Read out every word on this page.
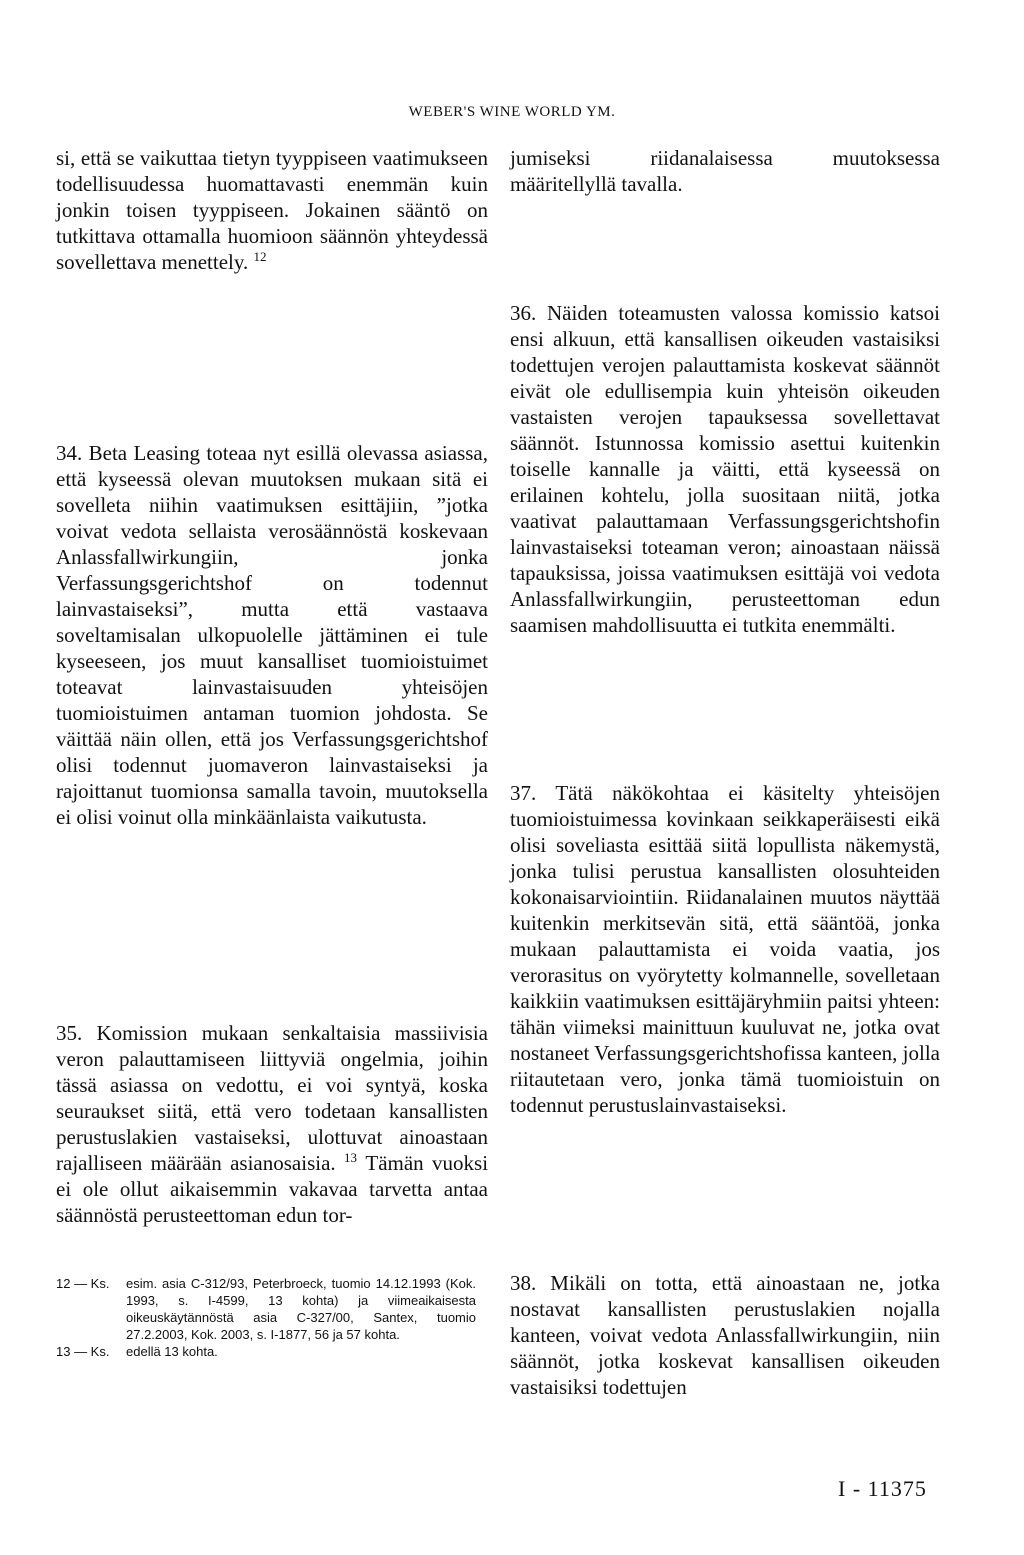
WEBER'S WINE WORLD YM.

si, että se vaikuttaa tietyn tyyppiseen vaatimukseen todellisuudessa huomattavasti enemmän kuin jonkin toisen tyyppiseen. Jokainen sääntö on tutkittava ottamalla huomioon säännön yhteydessä sovellettava menettely. $^{12}$

34. Beta Leasing toteaa nyt esillä olevassa asiassa, että kyseessä olevan muutoksen mukaan sitä ei sovelleta niihin vaatimuksen esittäjiin, ”jotka voivat vedota sellaista verosäännöstä koskevaan Anlassfallwirkungiin, jonka Verfassungsgerichtshof on todennut lainvastaiseksi”, mutta että vastaava soveltamisalan ulkopuolelle jättäminen ei tule kyseeseen, jos muut kansalliset tuomioistuimet toteavat lainvastaisuuden yhteisöjen tuomioistuimen antaman tuomion johdosta. Se väittää näin ollen, että jos Verfassungsgerichtshof olisi todennut juomaveron lainvastaiseksi ja rajoittanut tuomionsa samalla tavoin, muutoksella ei olisi voinut olla minkäänlaista vaikutusta.

35. Komission mukaan senkaltaisia massiivisia veron palauttamiseen liittyviä ongelmia, joihin tässä asiassa on vedottu, ei voi syntyä, koska seuraukset siitä, että vero todetaan kansallisten perustuslakien vastaiseksi, ulottuvat ainoastaan rajalliseen määrään asianosaisia. $^{13}$ Tämän vuoksi ei ole ollut aikaisemmin vakavaa tarvetta antaa säännöstä perusteettoman edun tor-

12 — Ks.	esim. asia C-312/93, Peterbroeck, tuomio 14.12.1993 (Kok. 1993, s. I-4599, 13 kohta) ja viimeaikaisesta oikeuskäytännöstä asia C-327/00, Santex, tuomio 27.2.2003, Kok. 2003, s. I-1877, 56 ja 57 kohta.
13 — Ks.	edellä 13 kohta.

jumiseksi riidanalaisessa muutoksessa määritellyllä tavalla.

36. Näiden toteamusten valossa komissio katsoi ensi alkuun, että kansallisen oikeuden vastaisiksi todettujen verojen palauttamista koskevat säännöt eivät ole edullisempia kuin yhteisön oikeuden vastaisten verojen tapauksessa sovellettavat säännöt. Istunnossa komissio asettui kuitenkin toiselle kannalle ja väitti, että kyseessä on erilainen kohtelu, jolla suositaan niitä, jotka vaativat palauttamaan Verfassungsgerichtshofin lainvastaiseksi toteaman veron; ainoastaan näissä tapauksissa, joissa vaatimuksen esittäjä voi vedota Anlassfallwirkungiin, perusteettoman edun saamisen mahdollisuutta ei tutkita enemmälti.

37. Tätä näkökohtaa ei käsitelty yhteisöjen tuomioistuimessa kovinkaan seikkaperäisesti eikä olisi soveliasta esittää siitä lopullista näkemystä, jonka tulisi perustua kansallisten olosuhteiden kokonaisarviointiin. Riidanalainen muutos näyttää kuitenkin merkitsevän sitä, että sääntöä, jonka mukaan palauttamista ei voida vaatia, jos verorasitus on vyörytetty kolmannelle, sovelletaan kaikkiin vaatimuksen esittäjäryhmiin paitsi yhteen: tähän viimeksi mainittuun kuuluvat ne, jotka ovat nostaneet Verfassungsgerichtshofissa kanteen, jolla riitautetaan vero, jonka tämä tuomioistuin on todennut perustuslainvastaiseksi.

38. Mikäli on totta, että ainoastaan ne, jotka nostavat kansallisten perustuslakien nojalla kanteen, voivat vedota Anlassfallwirkungiin, niin säännöt, jotka koskevat kansallisen oikeuden vastaisiksi todettujen

I - 11375
